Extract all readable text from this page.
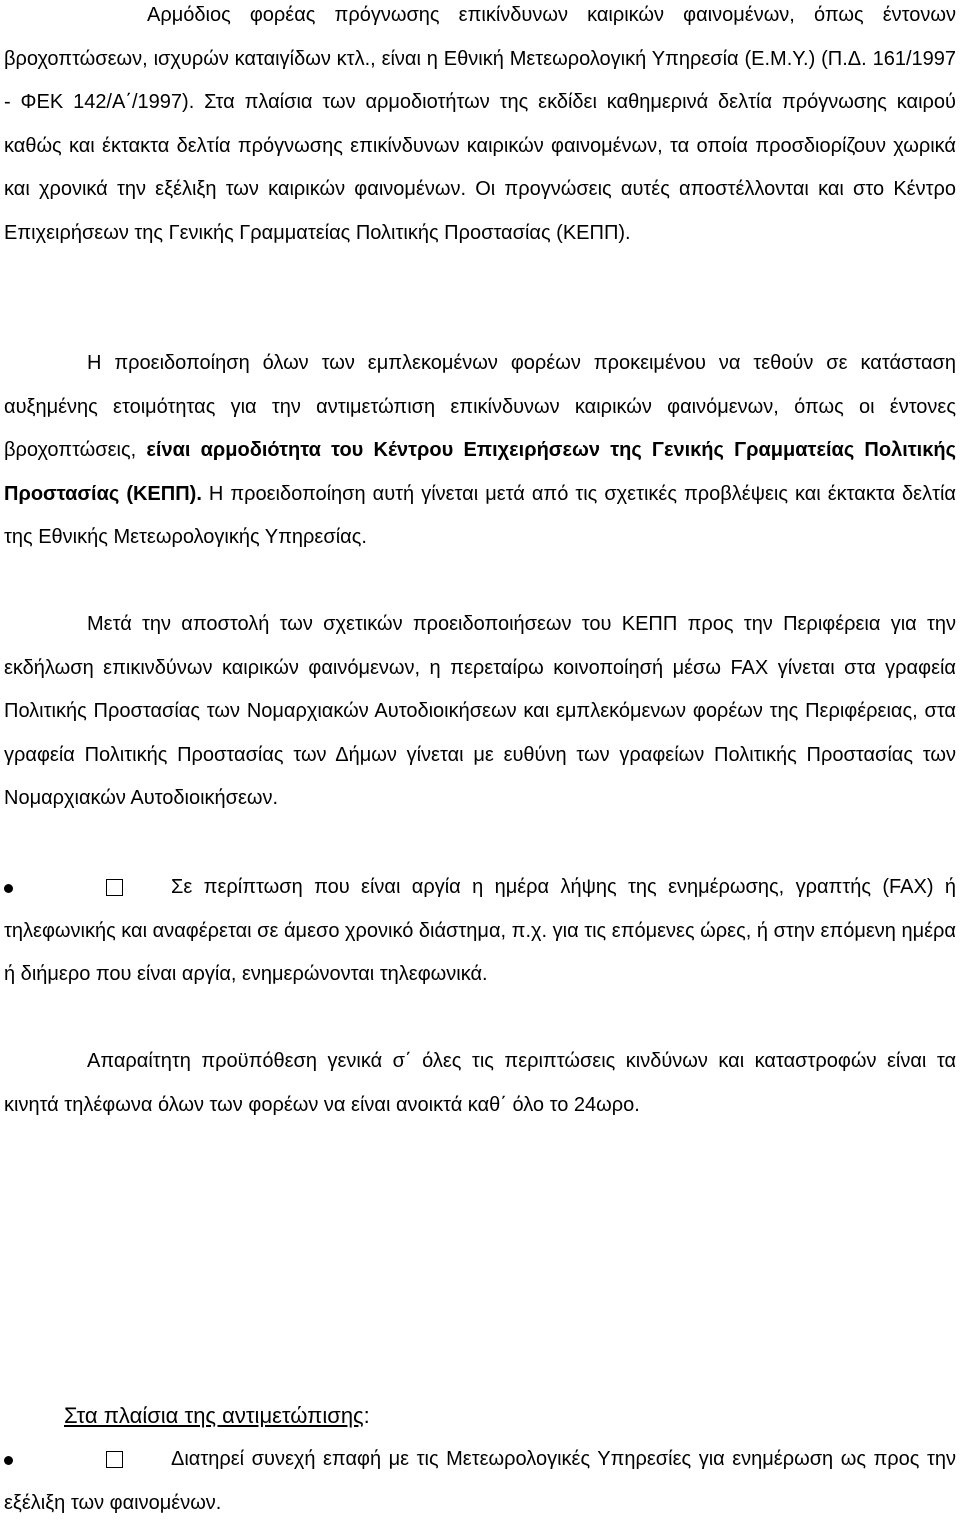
Αρμόδιος φορέας πρόγνωσης επικίνδυνων καιρικών φαινομένων, όπως έντονων βροχοπτώσεων, ισχυρών καταιγίδων κτλ., είναι η Εθνική Μετεωρολογική Υπηρεσία (Ε.Μ.Υ.) (Π.Δ. 161/1997 - ΦΕΚ 142/Α΄/1997). Στα πλαίσια των αρμοδιοτήτων της εκδίδει καθημερινά δελτία πρόγνωσης καιρού καθώς και έκτακτα δελτία πρόγνωσης επικίνδυνων καιρικών φαινομένων, τα οποία προσδιορίζουν χωρικά και χρονικά την εξέλιξη των καιρικών φαινομένων. Οι προγνώσεις αυτές αποστέλλονται και στο Κέντρο Επιχειρήσεων της Γενικής Γραμματείας Πολιτικής Προστασίας (ΚΕΠΠ).

Η προειδοποίηση όλων των εμπλεκομένων φορέων προκειμένου να τεθούν σε κατάσταση αυξημένης ετοιμότητας για την αντιμετώπιση επικίνδυνων καιρικών φαινόμενων, όπως οι έντονες βροχοπτώσεις, είναι αρμοδιότητα του Κέντρου Επιχειρήσεων της Γενικής Γραμματείας Πολιτικής Προστασίας (ΚΕΠΠ). Η προειδοποίηση αυτή γίνεται μετά από τις σχετικές προβλέψεις και έκτακτα δελτία της Εθνικής Μετεωρολογικής Υπηρεσίας.

Μετά την αποστολή των σχετικών προειδοποιήσεων του ΚΕΠΠ προς την Περιφέρεια για την εκδήλωση επικινδύνων καιρικών φαινόμενων, η περεταίρω κοινοποίησή μέσω FAX γίνεται στα γραφεία Πολιτικής Προστασίας των Νομαρχιακών Αυτοδιοικήσεων και εμπλεκόμενων φορέων της Περιφέρειας, στα γραφεία Πολιτικής Προστασίας των Δήμων γίνεται με ευθύνη των γραφείων Πολιτικής Προστασίας των Νομαρχιακών Αυτοδιοικήσεων.

Σε περίπτωση που είναι αργία η ημέρα λήψης της ενημέρωσης, γραπτής (FAX) ή τηλεφωνικής και αναφέρεται σε άμεσο χρονικό διάστημα, π.χ. για τις επόμενες ώρες, ή στην επόμενη ημέρα ή διήμερο που είναι αργία, ενημερώνονται τηλεφωνικά.

Απαραίτητη προϋπόθεση γενικά σ΄ όλες τις περιπτώσεις κινδύνων και καταστροφών είναι τα κινητά τηλέφωνα όλων των φορέων να είναι ανοικτά καθ΄ όλο το 24ωρο.

Στα πλαίσια της αντιμετώπισης:

Διατηρεί συνεχή επαφή με τις Μετεωρολογικές Υπηρεσίες για ενημέρωση ως προς την εξέλιξη των φαινομένων.
